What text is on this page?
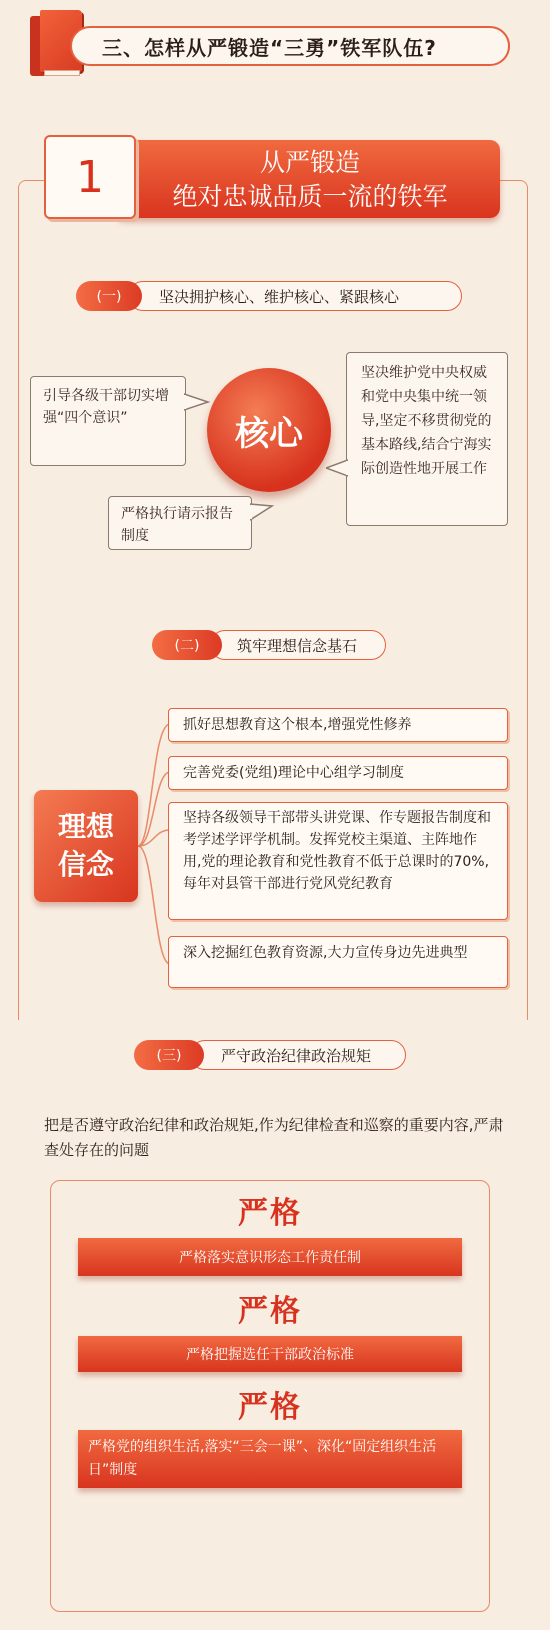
三、怎样从严锻造“三勇”铁军队伍?
从严锻造
绝对忠诚品质一流的铁军
1
坚决拥护核心、维护核心、紧跟核心
(一)
引导各级干部切实增强“四个意识”	核心
坚决维护党中央权威和党中央集中统一领导,坚定不移贯彻党的基本路线,结合宁海实际创造性地开展工作
严格执行请示报告制度
筑牢理想信念基石
(二)
理想
信念
抓好思想教育这个根本,增强党性修养
完善党委(党组)理论中心组学习制度
坚持各级领导干部带头讲党课、作专题报告制度和考学述学评学机制。发挥党校主渠道、主阵地作用,党的理论教育和党性教育不低于总课时的70%,每年对县管干部进行党风党纪教育
深入挖掘红色教育资源,大力宣传身边先进典型
严守政治纪律政治规矩
(三)
把是否遵守政治纪律和政治规矩,作为纪律检查和巡察的重要内容,严肃查处存在的问题
严格
严格落实意识形态工作责任制
严格
严格把握选任干部政治标准
严格
严格党的组织生活,落实“三会一课”、深化“固定组织生活日”制度
